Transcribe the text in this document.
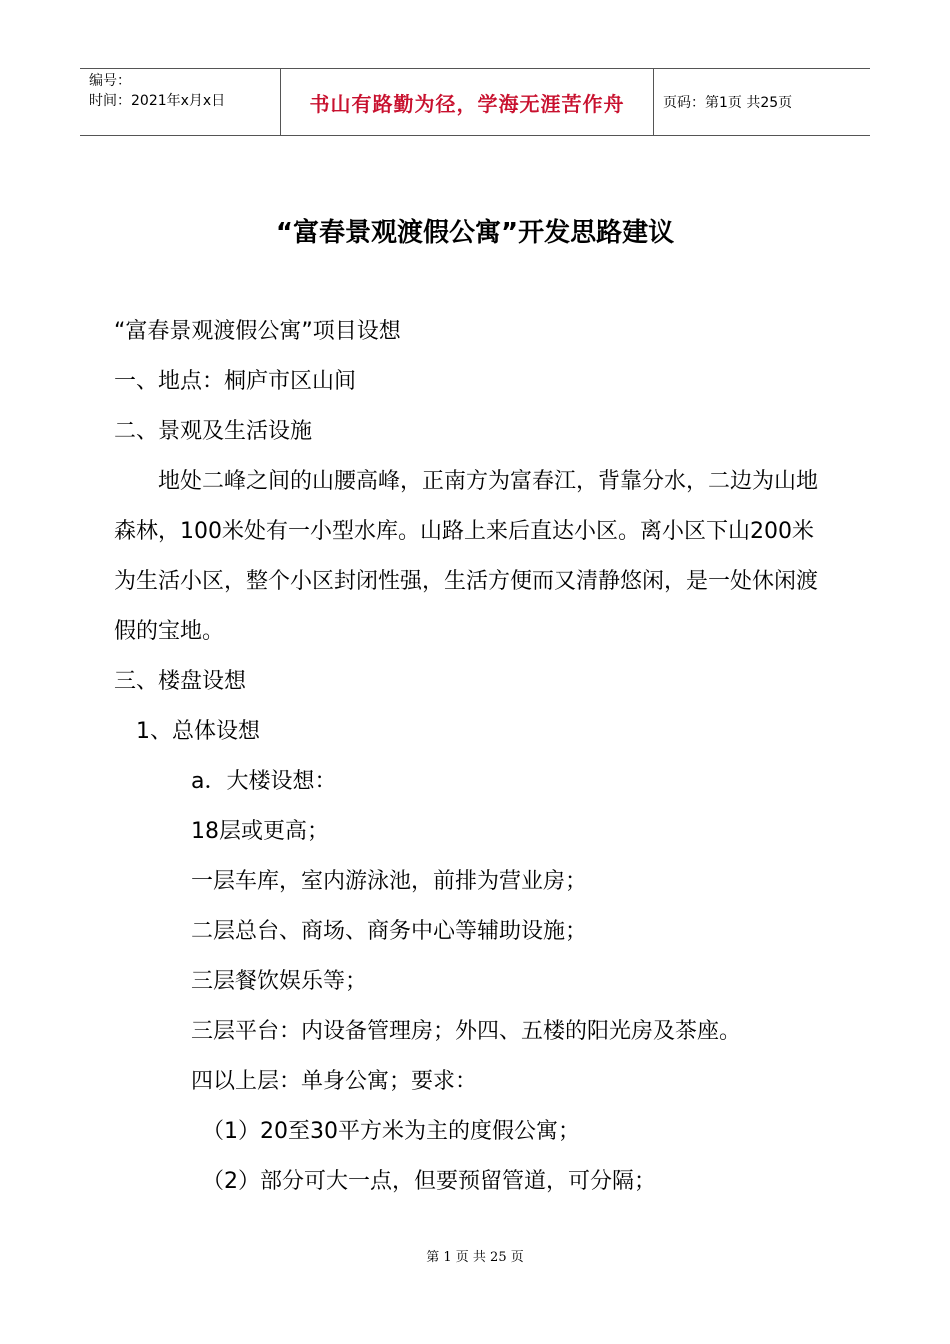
编号：
时间：2021年x月x日	书山有路勤为径，学海无涯苦作舟	页码：第1页 共25页
“富春景观渡假公寓”开发思路建议
“富春景观渡假公寓”项目设想
一、地点：桐庐市区山间
二、景观及生活设施
地处二峰之间的山腰高峰，正南方为富春江，背靠分水，二边为山地
森林，100米处有一小型水库。山路上来后直达小区。离小区下山200米
为生活小区，整个小区封闭性强，生活方便而又清静悠闲，是一处休闲渡
假的宝地。
三、楼盘设想
1、总体设想
a．大楼设想：
18层或更高；
一层车库，室内游泳池，前排为营业房；
二层总台、商场、商务中心等辅助设施；
三层餐饮娱乐等；
三层平台：内设备管理房；外四、五楼的阳光房及茶座。
四以上层：单身公寓；要求：
（1）20至30平方米为主的度假公寓；
（2）部分可大一点，但要预留管道，可分隔；
第 1 页 共 25 页
